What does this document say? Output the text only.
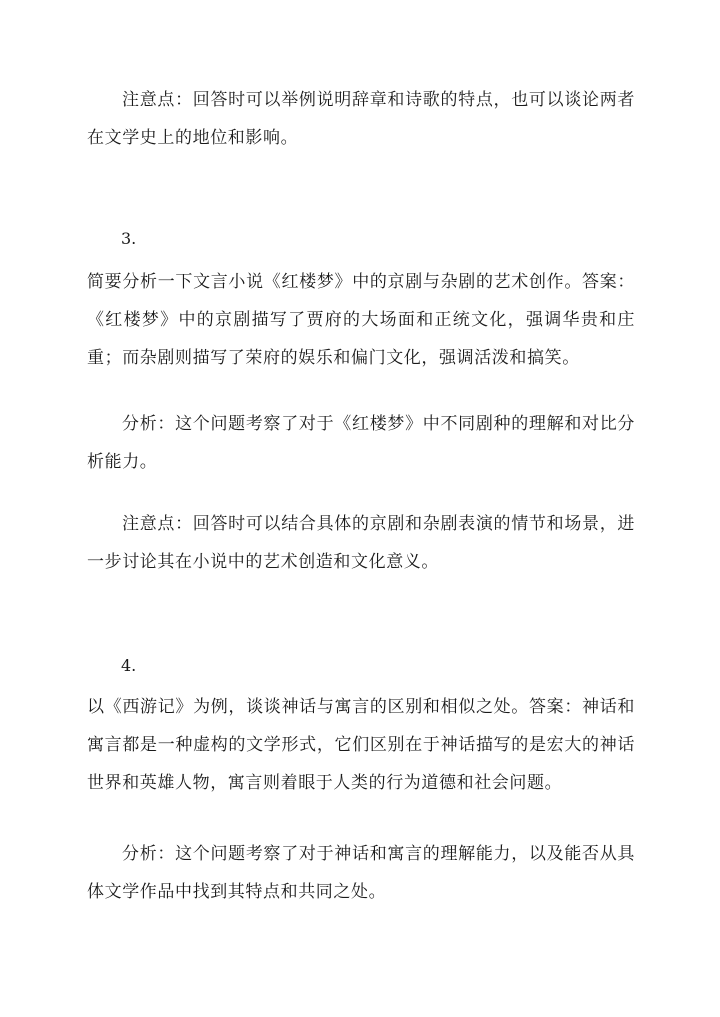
注意点：回答时可以举例说明辞章和诗歌的特点，也可以谈论两者在文学史上的地位和影响。

3.

简要分析一下文言小说《红楼梦》中的京剧与杂剧的艺术创作。答案：《红楼梦》中的京剧描写了贾府的大场面和正统文化，强调华贵和庄重；而杂剧则描写了荣府的娱乐和偏门文化，强调活泼和搞笑。

分析：这个问题考察了对于《红楼梦》中不同剧种的理解和对比分析能力。

注意点：回答时可以结合具体的京剧和杂剧表演的情节和场景，进一步讨论其在小说中的艺术创造和文化意义。

4.

以《西游记》为例，谈谈神话与寓言的区别和相似之处。答案：神话和寓言都是一种虚构的文学形式，它们区别在于神话描写的是宏大的神话世界和英雄人物，寓言则着眼于人类的行为道德和社会问题。

分析：这个问题考察了对于神话和寓言的理解能力，以及能否从具体文学作品中找到其特点和共同之处。
